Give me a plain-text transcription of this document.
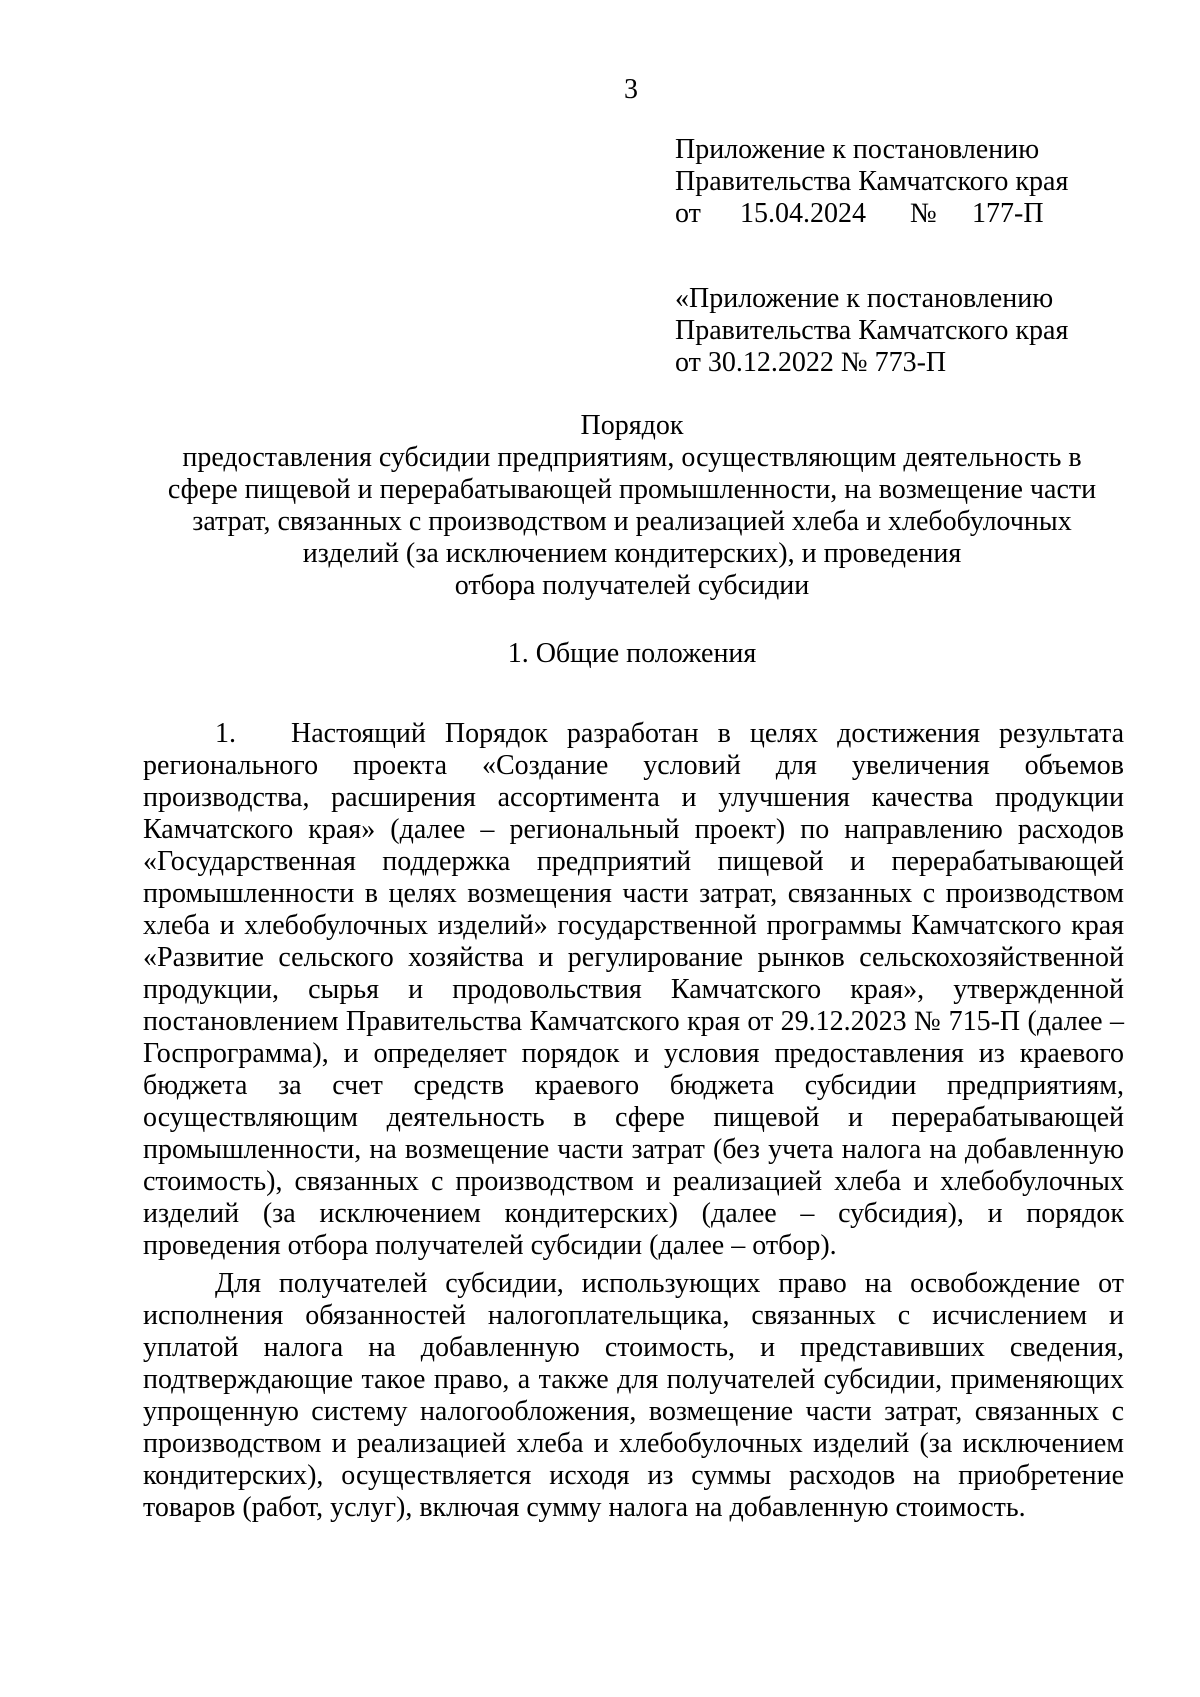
3
Приложение к постановлению
Правительства Камчатского края
от 15.04.2024 № 177-П
«Приложение к постановлению
Правительства Камчатского края
от 30.12.2022 № 773-П
Порядок
предоставления субсидии предприятиям, осуществляющим деятельность в
сфере пищевой и перерабатывающей промышленности, на возмещение части
затрат, связанных с производством и реализацией хлеба и хлебобулочных
изделий (за исключением кондитерских), и проведения
отбора получателей субсидии
1. Общие положения

1. Настоящий Порядок разработан в целях достижения результата регионального проекта «Создание условий для увеличения объемов производства, расширения ассортимента и улучшения качества продукции Камчатского края» (далее – региональный проект) по направлению расходов «Государственная поддержка предприятий пищевой и перерабатывающей промышленности в целях возмещения части затрат, связанных с производством хлеба и хлебобулочных изделий» государственной программы Камчатского края «Развитие сельского хозяйства и регулирование рынков сельскохозяйственной продукции, сырья и продовольствия Камчатского края», утвержденной постановлением Правительства Камчатского края от 29.12.2023 № 715-П (далее – Госпрограмма), и определяет порядок и условия предоставления из краевого бюджета за счет средств краевого бюджета субсидии предприятиям, осуществляющим деятельность в сфере пищевой и перерабатывающей промышленности, на возмещение части затрат (без учета налога на добавленную стоимость), связанных с производством и реализацией хлеба и хлебобулочных изделий (за исключением кондитерских) (далее – субсидия), и порядок проведения отбора получателей субсидии (далее – отбор).

Для получателей субсидии, использующих право на освобождение от исполнения обязанностей налогоплательщика, связанных с исчислением и уплатой налога на добавленную стоимость, и представивших сведения, подтверждающие такое право, а также для получателей субсидии, применяющих упрощенную систему налогообложения, возмещение части затрат, связанных с производством и реализацией хлеба и хлебобулочных изделий (за исключением кондитерских), осуществляется исходя из суммы расходов на приобретение товаров (работ, услуг), включая сумму налога на добавленную стоимость.
